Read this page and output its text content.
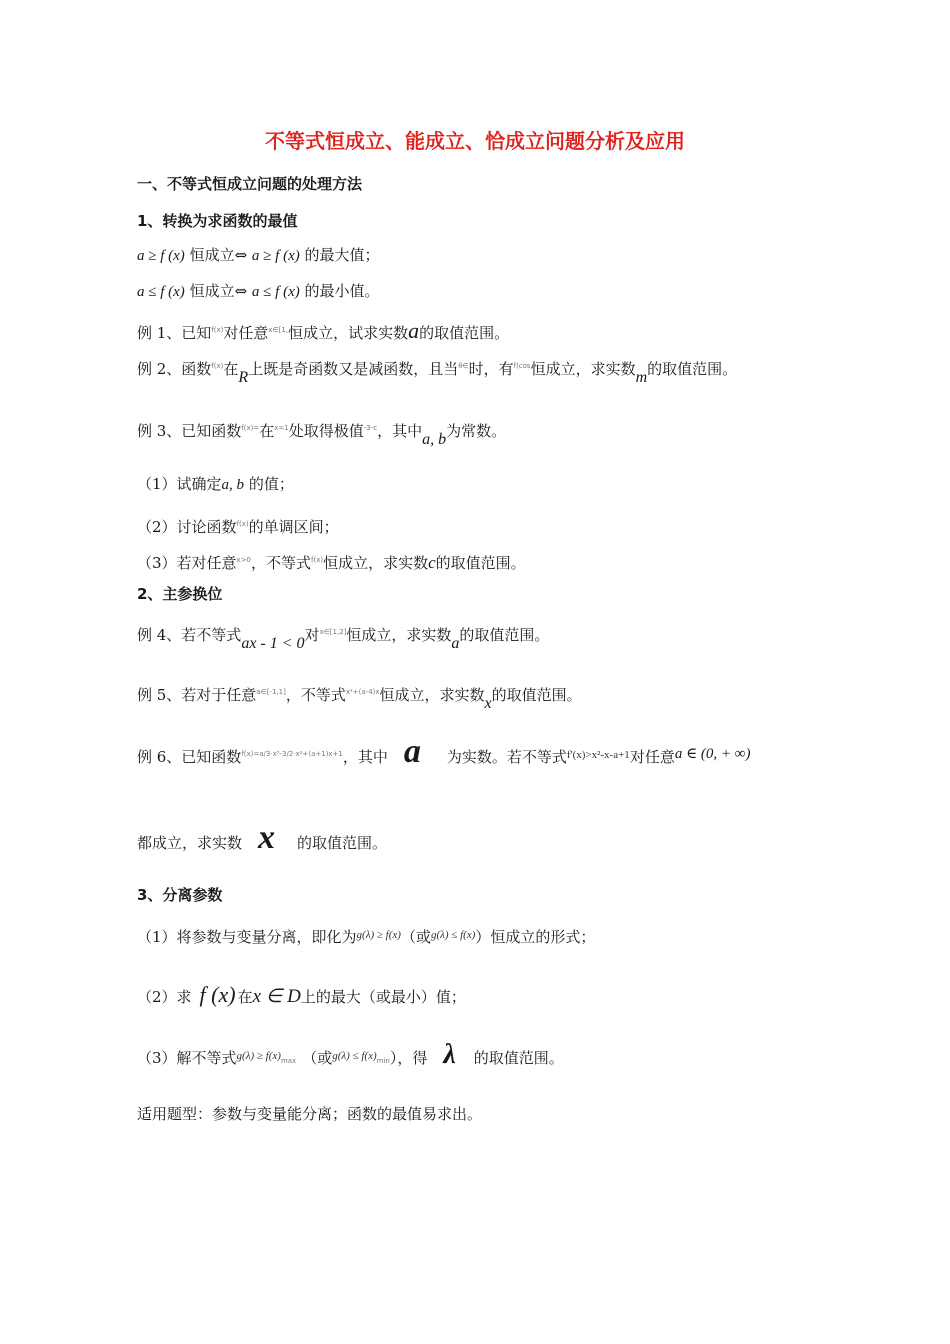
不等式恒成立、能成立、恰成立问题分析及应用
一、不等式恒成立问题的处理方法
1、转换为求函数的最值
a ≥ f (x) 恒成立⇔ a ≥ f (x) 的最大值；
a ≤ f (x) 恒成立⇔ a ≤ f (x) 的最小值。
例 1、已知$^{f(x)}$对任意$^{x\in[1,}$恒成立，试求实数a的取值范围。
例 2、函数$^{f(x)}$在R上既是奇函数又是减函数，且当$^{\theta\in}$时，有$^{f(cos}$恒成立，求实数m的取值范围。
例 3、已知函数$^{f(x)=}$在$^{x=1}$处取得极值$^{-3-c}$，其中a, b为常数。
（1）试确定a, b 的值；
（2）讨论函数$^{f(x)}$的单调区间；
（3）若对任意$^{x>0}$，不等式$^{f(x)}$恒成立，求实数c的取值范围。
2、主参换位
例 4、若不等式ax - 1 < 0对$^{x\in[1,2]}$恒成立，求实数a的取值范围。
例 5、若对于任意$^{a\in[-1,1]}$，不等式$^{x^2+(a-4)x}$恒成立，求实数x的取值范围。
例 6、已知函数$^{f(x)=a/3\cdot x^3-3/2\cdot x^2+(a+1)x+1}$，其中 a 为实数。若不等式$^{f'(x)>x^2-x-a+1}$对任意a ∈ (0, + ∞)
都成立，求实数 x 的取值范围。
3、分离参数
（1）将参数与变量分离，即化为$^{g(\lambda) \ge f(x)}$（或$^{g(\lambda) \le f(x)}$）恒成立的形式；
（2）求 f (x) 在x ∈ D上的最大（或最小）值；
（3）解不等式$^{g(\lambda) \ge f(x)}$max （或$^{g(\lambda) \le f(x)}$min），得 λ 的取值范围。
适用题型：参数与变量能分离；函数的最值易求出。
